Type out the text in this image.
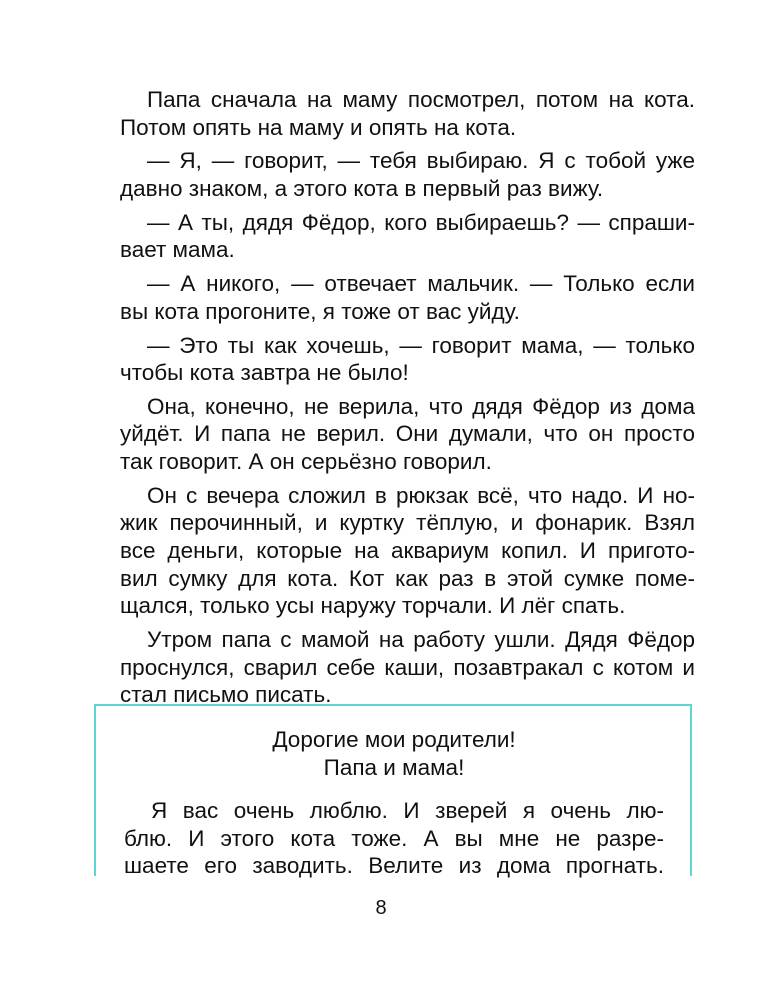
Папа сначала на маму посмотрел, потом на кота.
Потом опять на маму и опять на кота.
— Я, — говорит, — тебя выбираю. Я с тобой уже
давно знаком, а этого кота в первый раз вижу.
— А ты, дядя Фёдор, кого выбираешь? — спраши-
вает мама.
— А никого, — отвечает мальчик. — Только если
вы кота прогоните, я тоже от вас уйду.
— Это ты как хочешь, — говорит мама, — только
чтобы кота завтра не было!
Она, конечно, не верила, что дядя Фёдор из дома
уйдёт. И папа не верил. Они думали, что он просто
так говорит. А он серьёзно говорил.
Он с вечера сложил в рюкзак всё, что надо. И но-
жик перочинный, и куртку тёплую, и фонарик. Взял
все деньги, которые на аквариум копил. И пригото-
вил сумку для кота. Кот как раз в этой сумке поме-
щался, только усы наружу торчали. И лёг спать.
Утром папа с мамой на работу ушли. Дядя Фёдор
проснулся, сварил себе каши, позавтракал с котом и
стал письмо писать.
Дорогие мои родители!
Папа и мама!
Я вас очень люблю. И зверей я очень лю-
блю. И этого кота тоже. А вы мне не разре-
шаете его заводить. Велите из дома прогнать.
8
